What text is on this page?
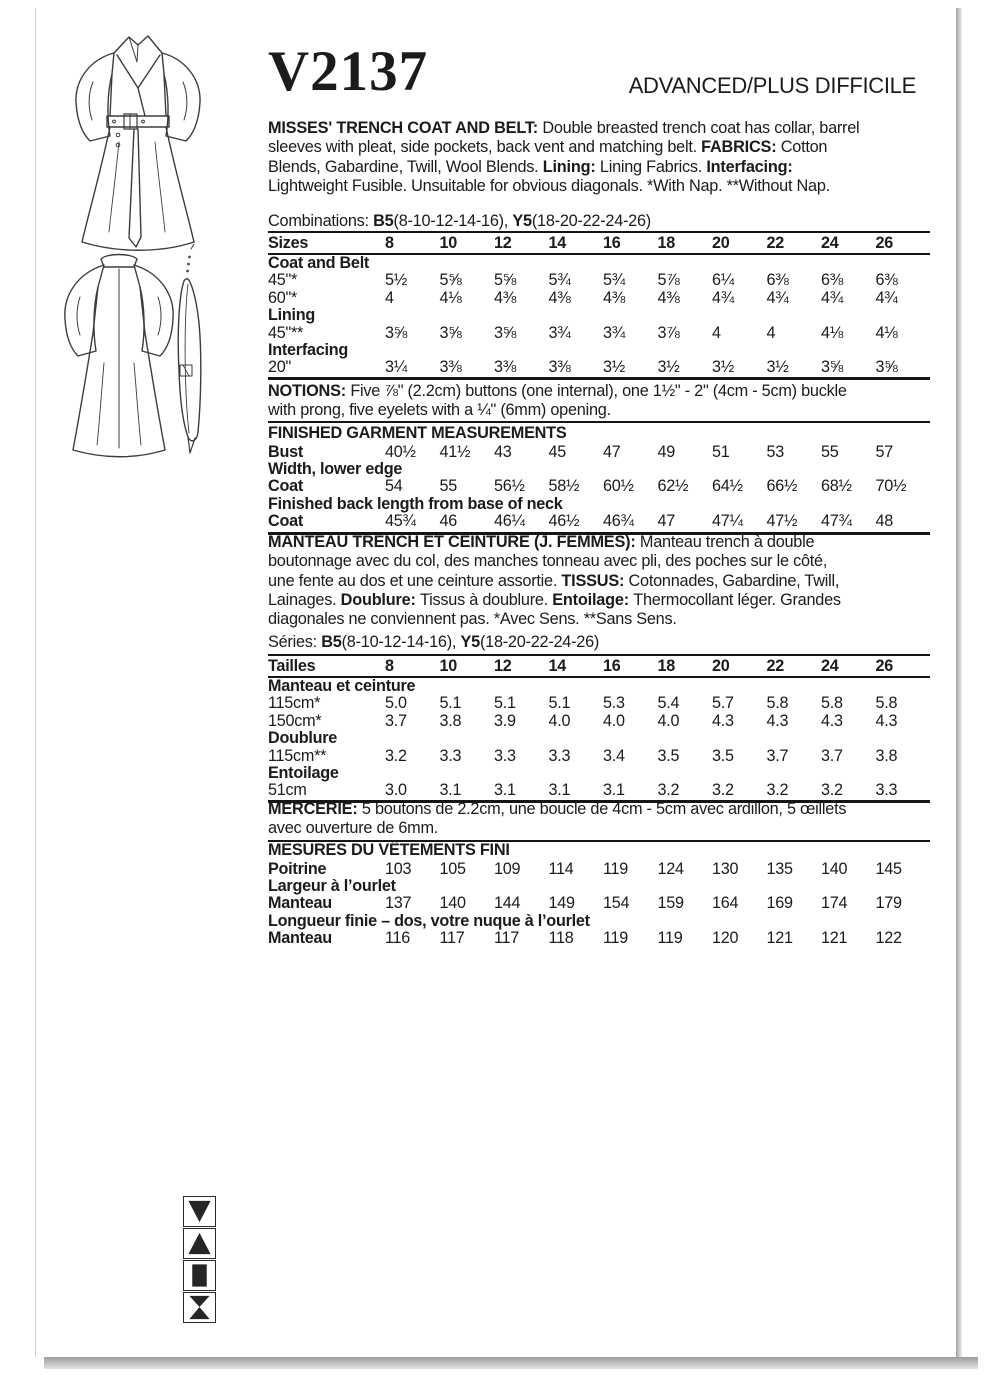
V2137	ADVANCED/PLUS DIFFICILE
MISSES' TRENCH COAT AND BELT: Double breasted trench coat has collar, barrel
sleeves with pleat, side pockets, back vent and matching belt. FABRICS: Cotton
Blends, Gabardine, Twill, Wool Blends. Lining: Lining Fabrics. Interfacing:
Lightweight Fusible. Unsuitable for obvious diagonals. *With Nap. **Without Nap.
Combinations: B5(8-10-12-14-16), Y5(18-20-22-24-26)
Sizes	8	10	12	14	16	18	20	22	24	26
Coat and Belt
45"*	5½	5⅝	5⅝	5¾	5¾	5⅞	6¼	6⅜	6⅜	6⅜
60"*	4	4⅛	4⅜	4⅜	4⅜	4⅜	4¾	4¾	4¾	4¾
Lining
45"**	3⅝	3⅝	3⅝	3¾	3¾	3⅞	4	4	4⅛	4⅛
Interfacing
20"	3¼	3⅜	3⅜	3⅜	3½	3½	3½	3½	3⅝	3⅝
NOTIONS: Five ⅞" (2.2cm) buttons (one internal), one 1½" - 2" (4cm - 5cm) buckle
with prong, five eyelets with a ¼" (6mm) opening.
FINISHED GARMENT MEASUREMENTS
Bust	40½	41½	43	45	47	49	51	53	55	57
Width, lower edge
Coat	54	55	56½	58½	60½	62½	64½	66½	68½	70½
Finished back length from base of neck
Coat	45¾	46	46¼	46½	46¾	47	47¼	47½	47¾	48
MANTEAU TRENCH ET CEINTURE (J. FEMMES): Manteau trench à double
boutonnage avec du col, des manches tonneau avec pli, des poches sur le côté,
une fente au dos et une ceinture assortie. TISSUS: Cotonnades, Gabardine, Twill,
Lainages. Doublure: Tissus à doublure. Entoilage: Thermocollant léger. Grandes
diagonales ne conviennent pas. *Avec Sens. **Sans Sens.
Séries: B5(8-10-12-14-16), Y5(18-20-22-24-26)
Tailles	8	10	12	14	16	18	20	22	24	26
Manteau et ceinture
115cm*	5.0	5.1	5.1	5.1	5.3	5.4	5.7	5.8	5.8	5.8
150cm*	3.7	3.8	3.9	4.0	4.0	4.0	4.3	4.3	4.3	4.3
Doublure
115cm**	3.2	3.3	3.3	3.3	3.4	3.5	3.5	3.7	3.7	3.8
Entoilage
51cm	3.0	3.1	3.1	3.1	3.1	3.2	3.2	3.2	3.2	3.3
MERCERIE: 5 boutons de 2.2cm, une boucle de 4cm - 5cm avec ardillon, 5 œillets
avec ouverture de 6mm.
MESURES DU VÊTEMENTS FINI
Poitrine	103	105	109	114	119	124	130	135	140	145
Largeur à l’ourlet
Manteau	137	140	144	149	154	159	164	169	174	179
Longueur finie – dos, votre nuque à l’ourlet
Manteau	116	117	117	118	119	119	120	121	121	122
